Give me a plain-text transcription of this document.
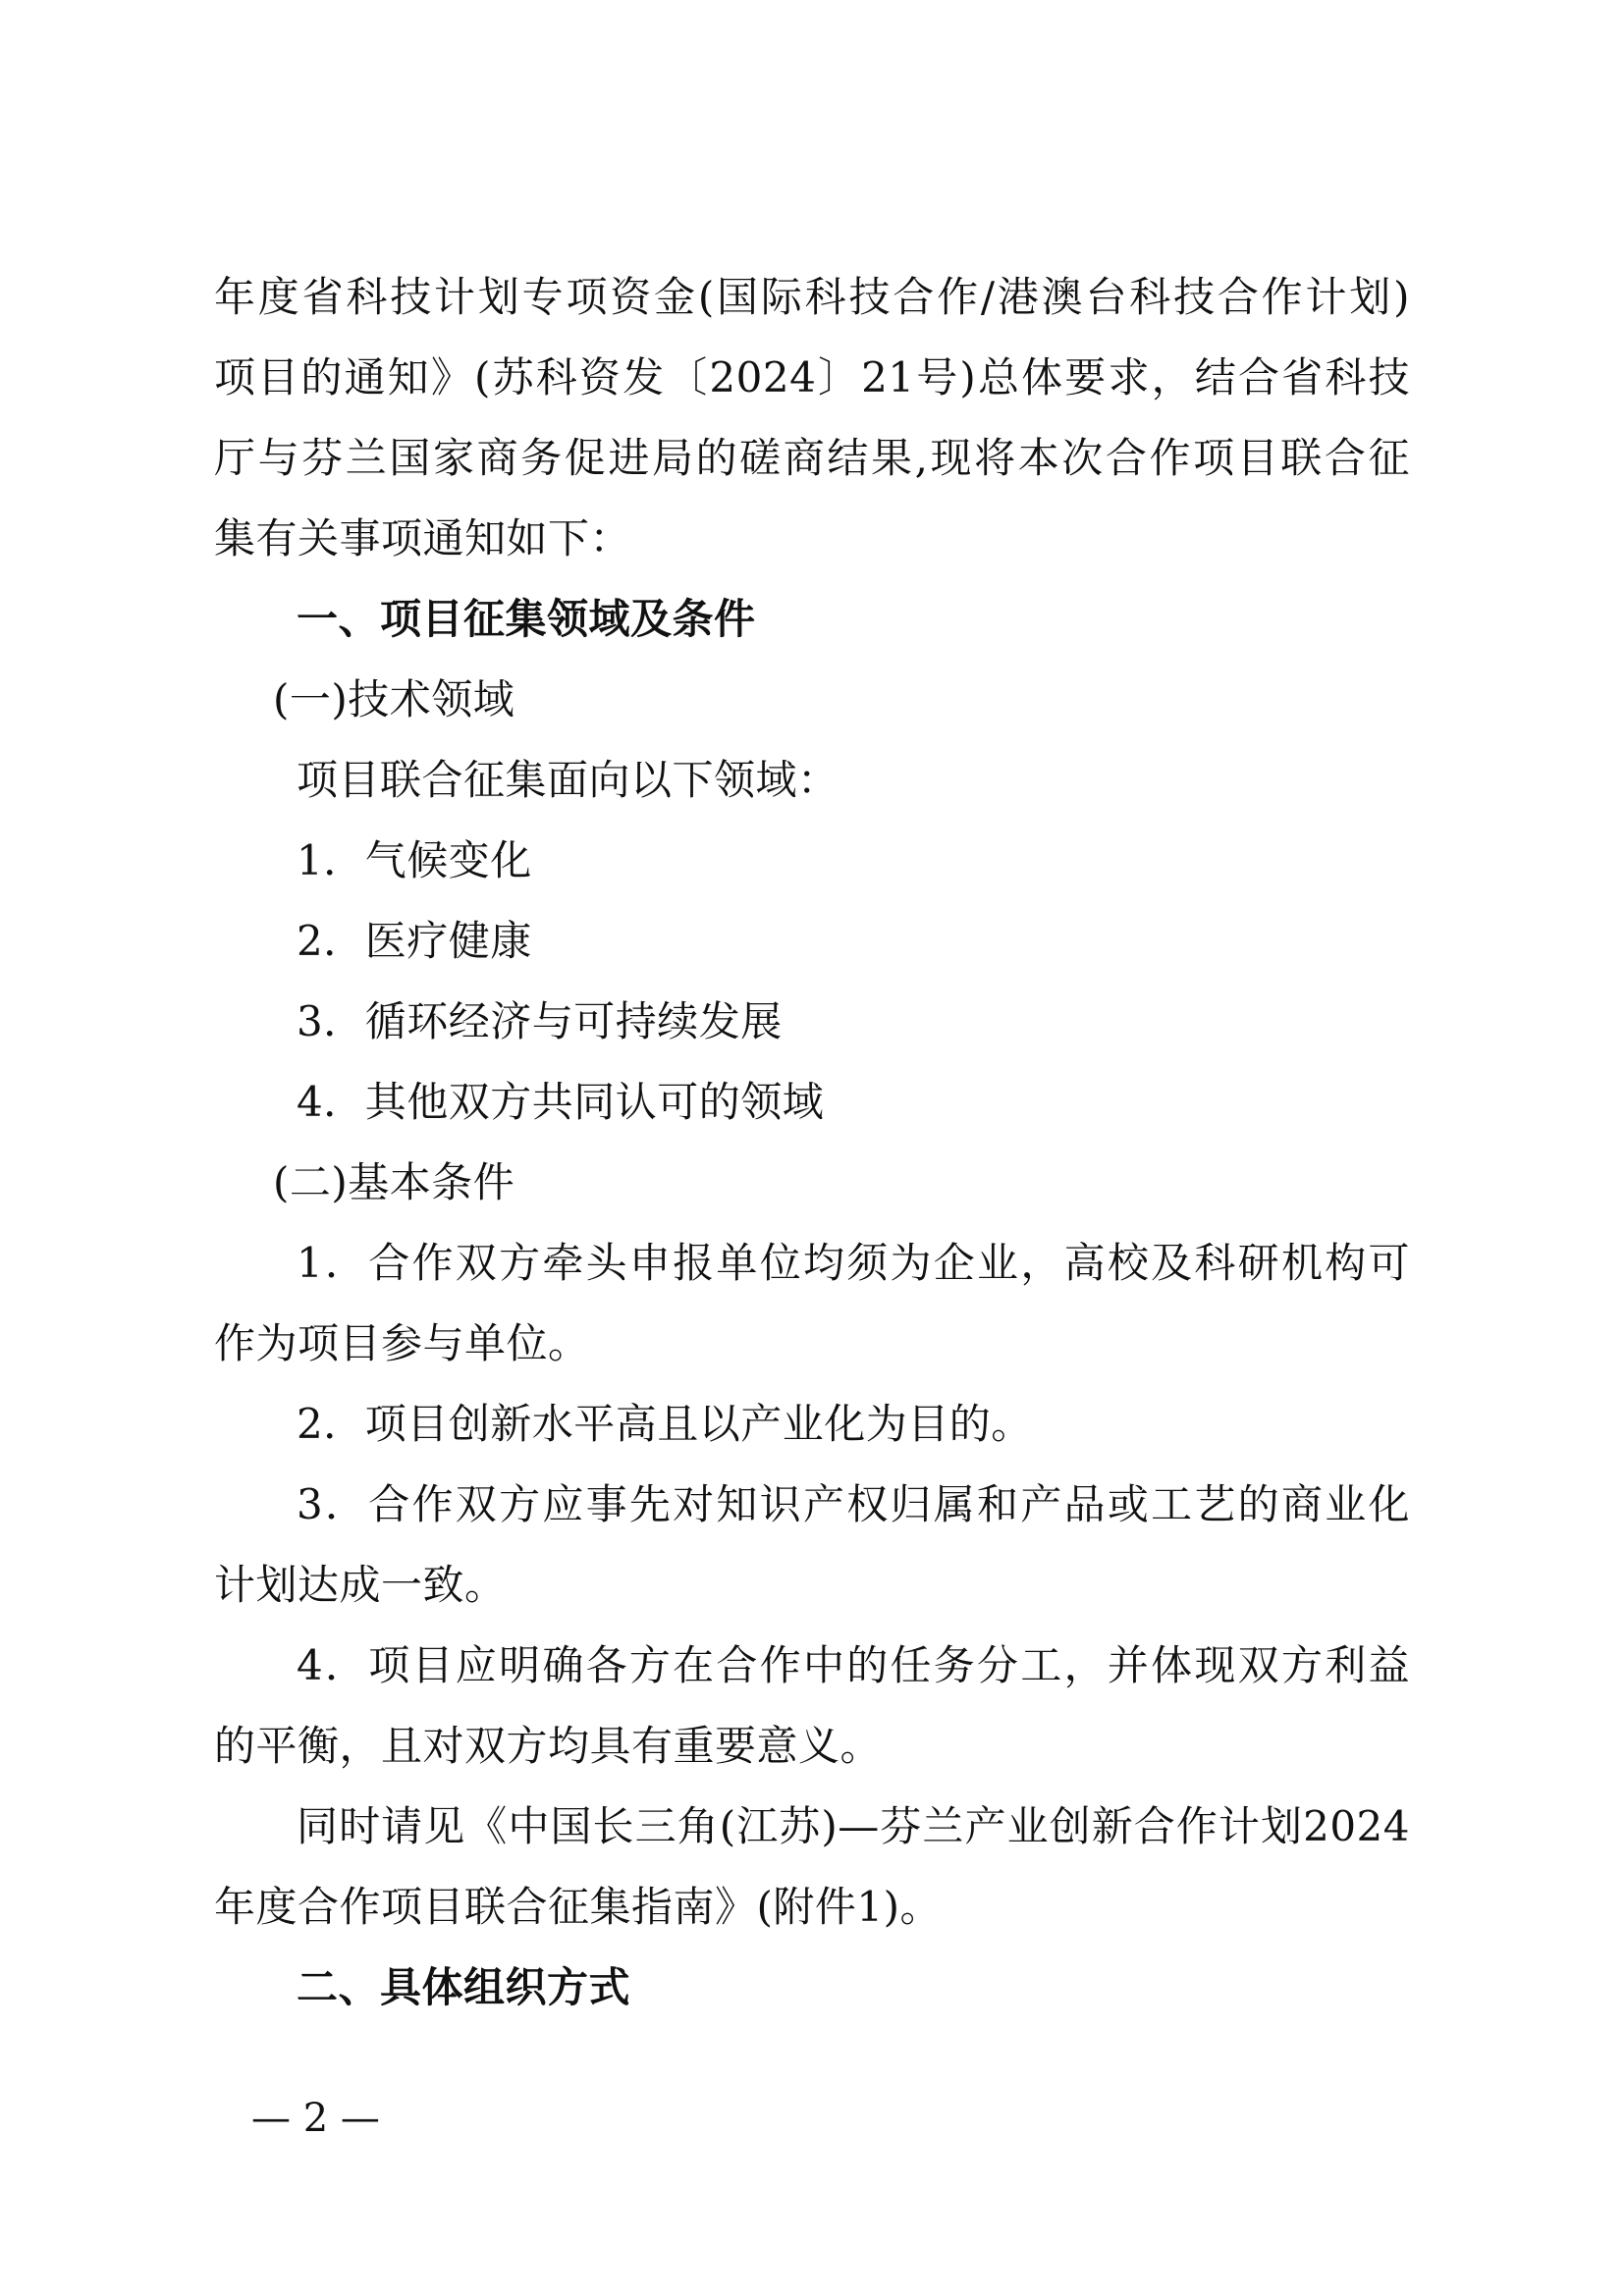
年度省科技计划专项资金(国际科技合作/港澳台科技合作计划)
项目的通知》(苏科资发〔2024〕21号)总体要求，结合省科技
厅与芬兰国家商务促进局的磋商结果,现将本次合作项目联合征
集有关事项通知如下：
一、项目征集领域及条件
(一)技术领域
项目联合征集面向以下领域：
1．气候变化
2．医疗健康
3．循环经济与可持续发展
4．其他双方共同认可的领域
(二)基本条件
1．合作双方牵头申报单位均须为企业，高校及科研机构可
作为项目参与单位。
2．项目创新水平高且以产业化为目的。
3．合作双方应事先对知识产权归属和产品或工艺的商业化
计划达成一致。
4．项目应明确各方在合作中的任务分工，并体现双方利益
的平衡，且对双方均具有重要意义。
同时请见《中国长三角(江苏)—芬兰产业创新合作计划2024
年度合作项目联合征集指南》(附件1)。
二、具体组织方式
— 2 —
